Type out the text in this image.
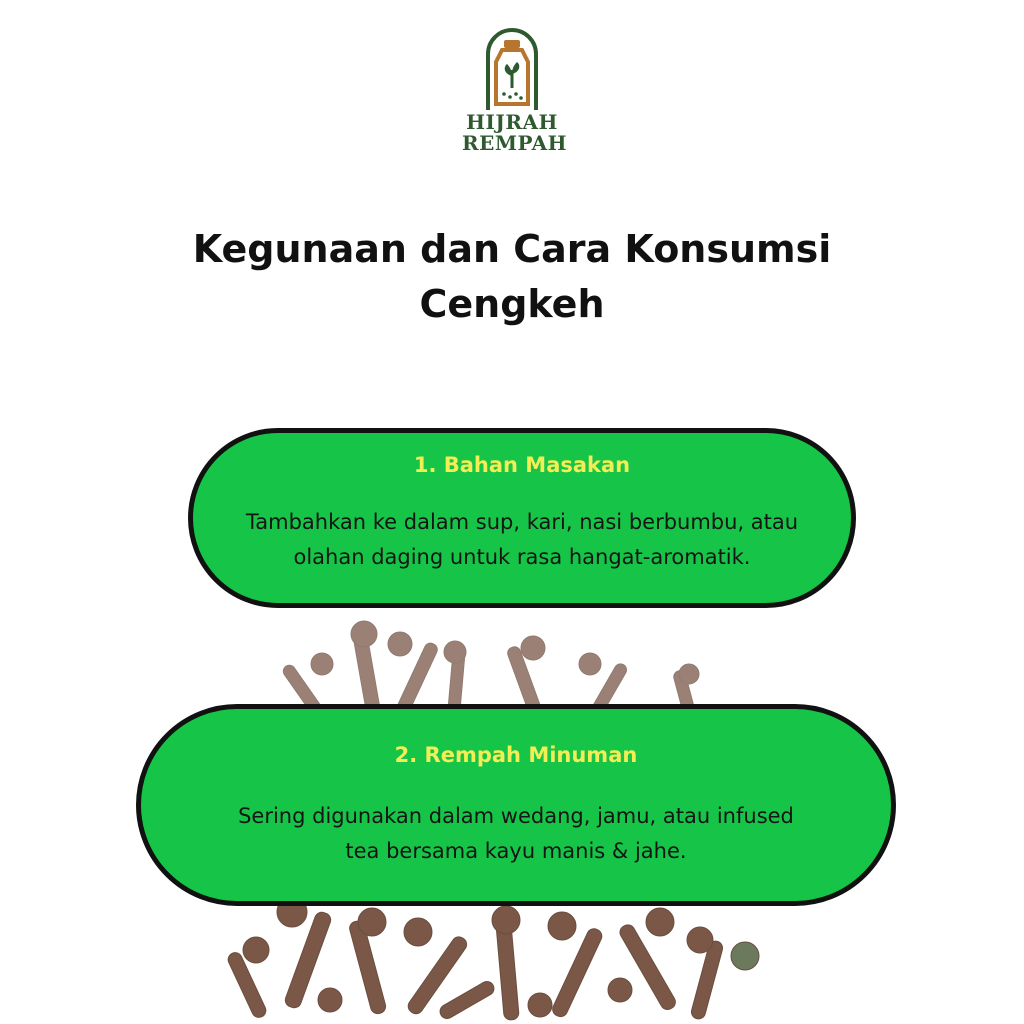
HIJRAH
REMPAH
Kegunaan dan Cara Konsumsi
Cengkeh
1. Bahan Masakan
Tambahkan ke dalam sup, kari, nasi berbumbu, atau
olahan daging untuk rasa hangat-aromatik.
2. Rempah Minuman
Sering digunakan dalam wedang, jamu, atau infused
tea bersama kayu manis & jahe.
